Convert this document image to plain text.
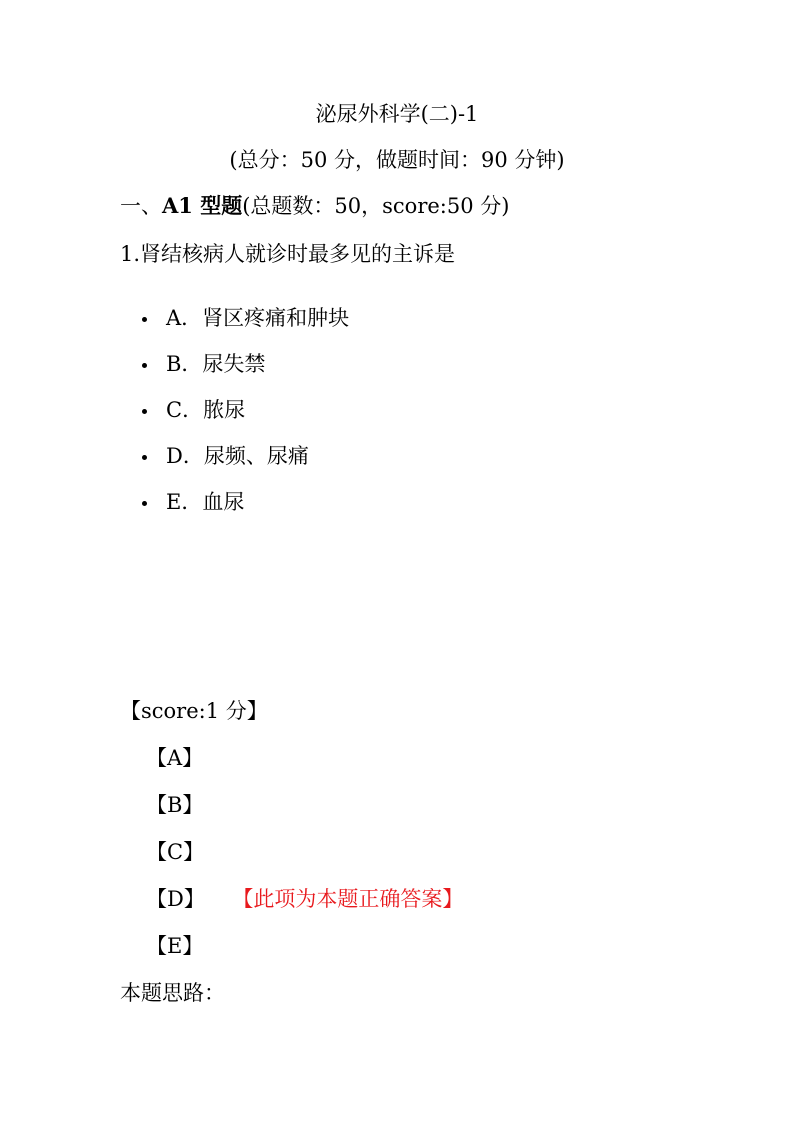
泌尿外科学(二)-1
(总分：50 分，做题时间：90 分钟)
一、A1 型题(总题数：50，score:50 分)
1.肾结核病人就诊时最多见的主诉是
A．肾区疼痛和肿块
B．尿失禁
C．脓尿
D．尿频、尿痛
E．血尿
【score:1 分】
【A】
【B】
【C】
【D】 【此项为本题正确答案】
【E】
本题思路：
